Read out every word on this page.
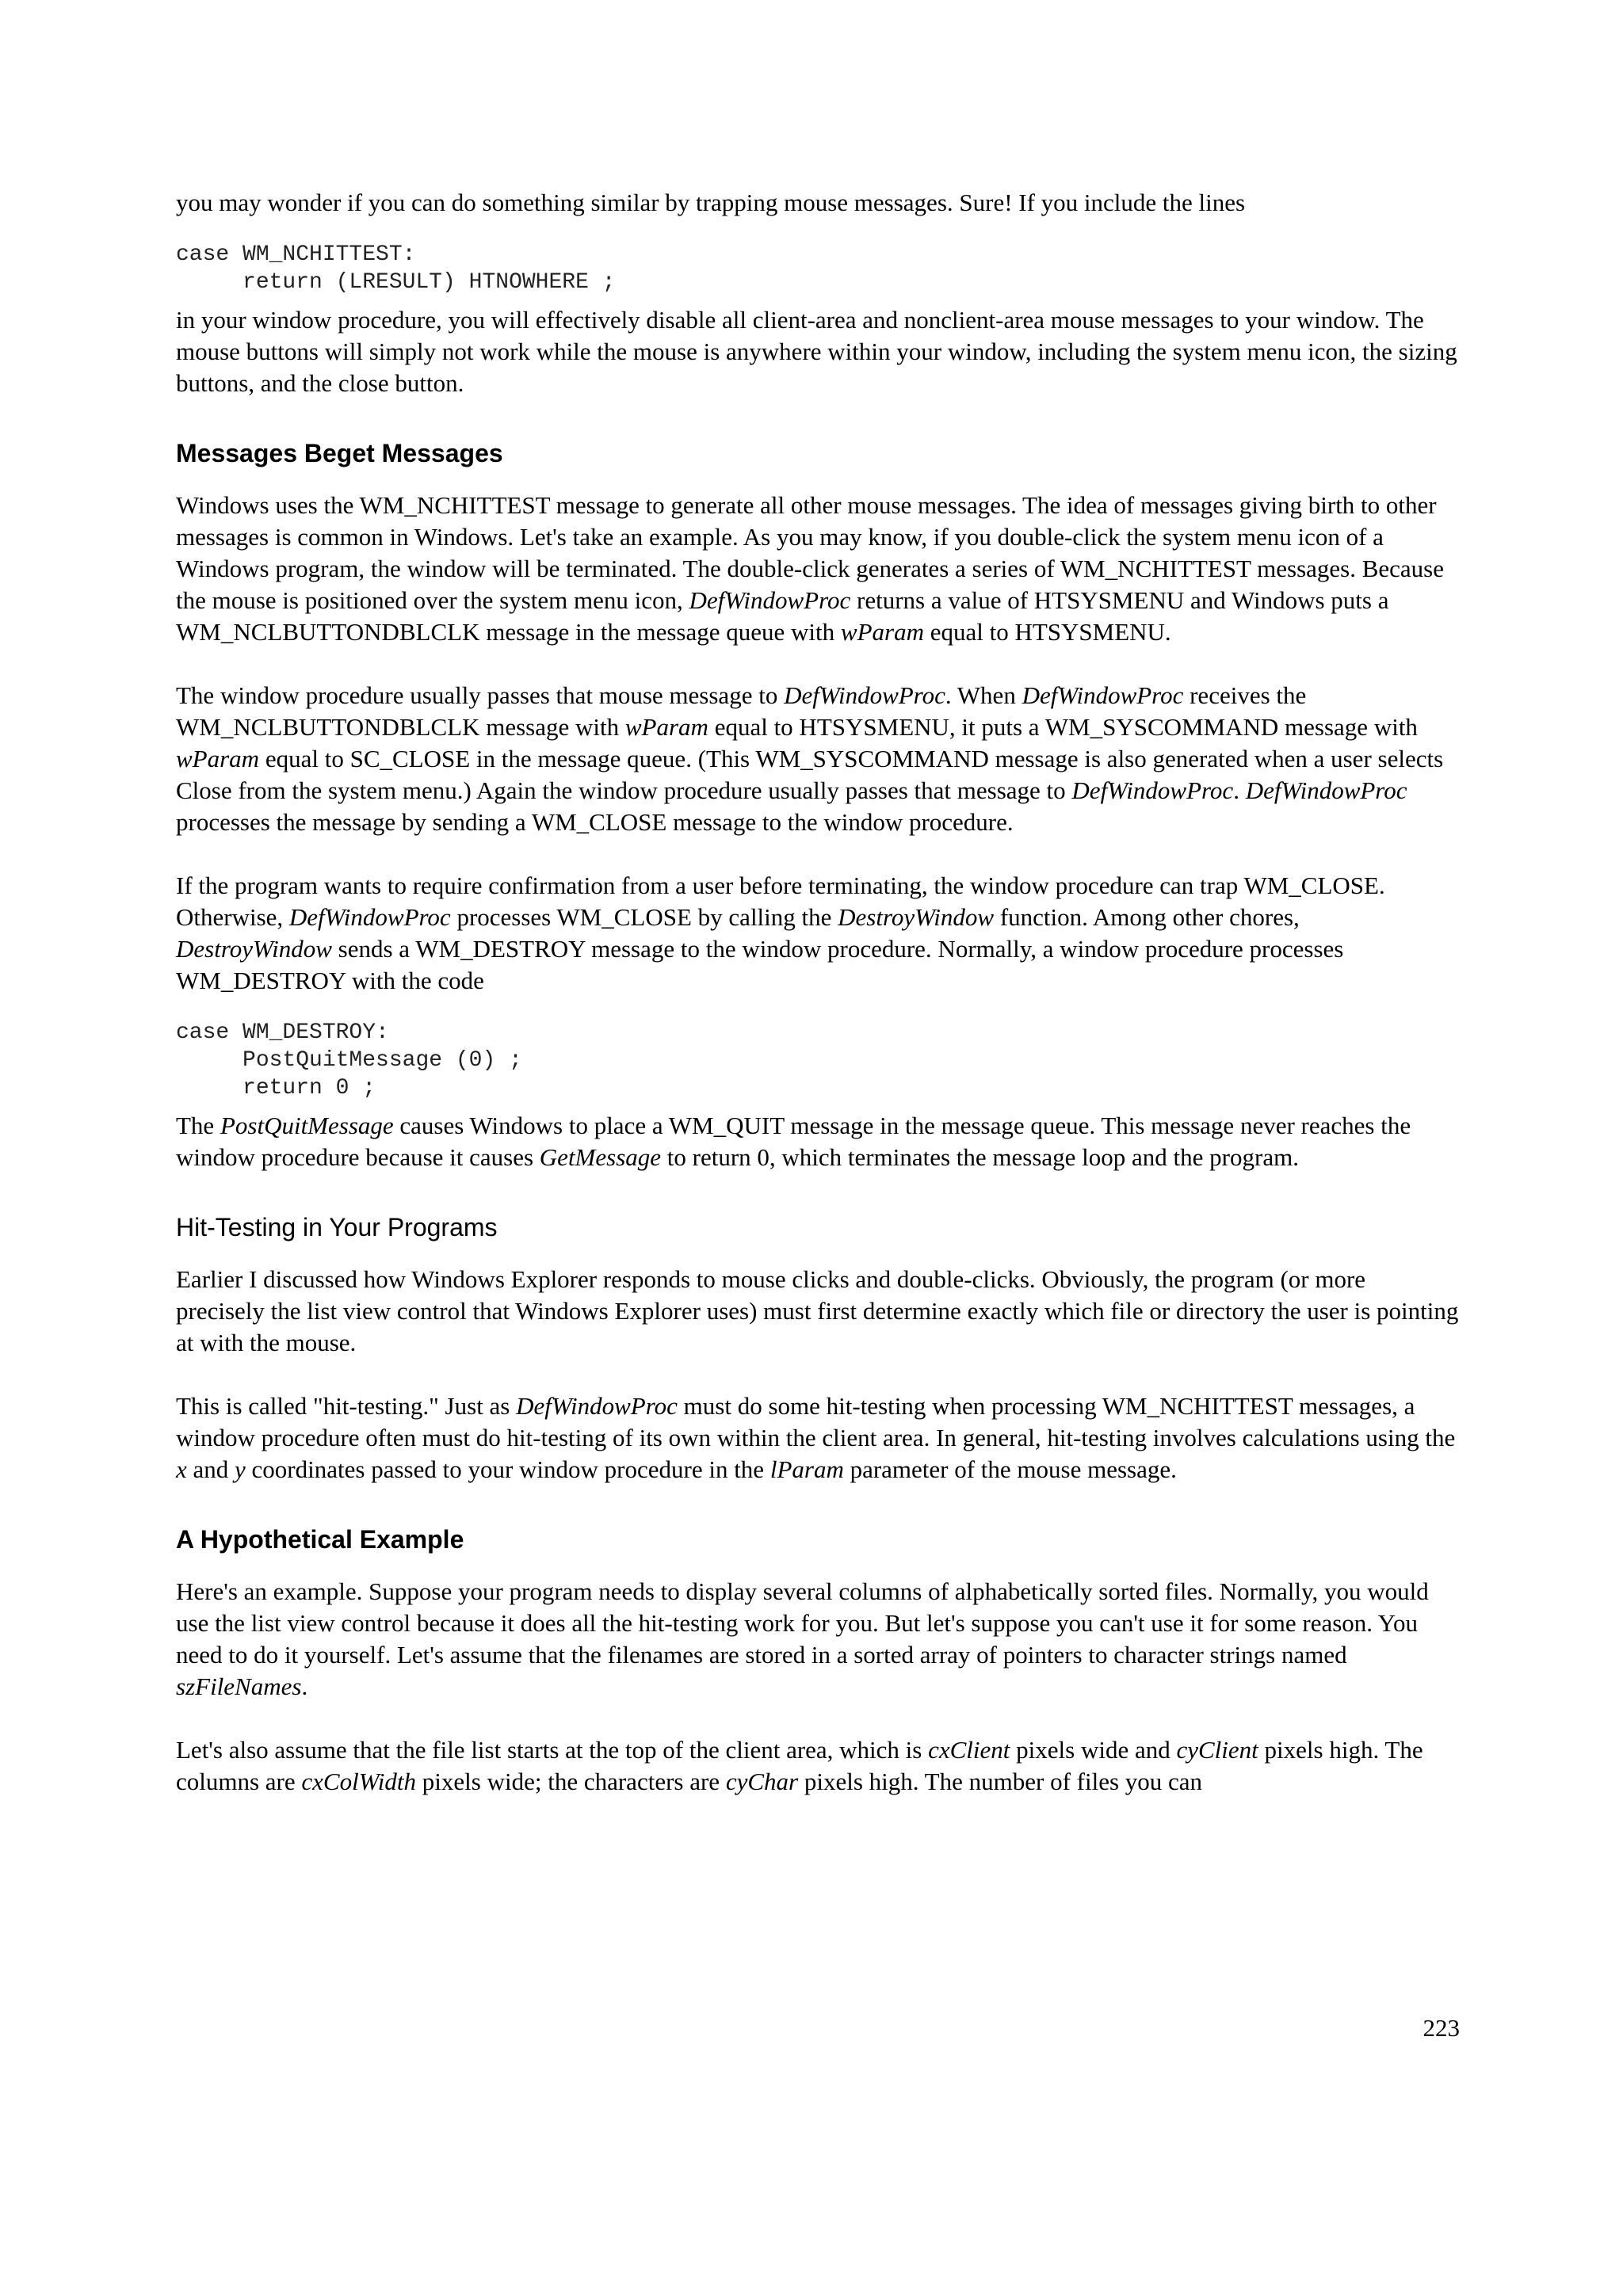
you may wonder if you can do something similar by trapping mouse messages. Sure! If you include the lines

case WM_NCHITTEST:
return (LRESULT) HTNOWHERE ;

in your window procedure, you will effectively disable all client-area and nonclient-area mouse messages to your window. The mouse buttons will simply not work while the mouse is anywhere within your window, including the system menu icon, the sizing buttons, and the close button.

Messages Beget Messages

Windows uses the WM_NCHITTEST message to generate all other mouse messages. The idea of messages giving birth to other messages is common in Windows. Let's take an example. As you may know, if you double-click the system menu icon of a Windows program, the window will be terminated. The double-click generates a series of WM_NCHITTEST messages. Because the mouse is positioned over the system menu icon, DefWindowProc returns a value of HTSYSMENU and Windows puts a WM_NCLBUTTONDBLCLK message in the message queue with wParam equal to HTSYSMENU.

The window procedure usually passes that mouse message to DefWindowProc. When DefWindowProc receives the WM_NCLBUTTONDBLCLK message with wParam equal to HTSYSMENU, it puts a WM_SYSCOMMAND message with wParam equal to SC_CLOSE in the message queue. (This WM_SYSCOMMAND message is also generated when a user selects Close from the system menu.) Again the window procedure usually passes that message to DefWindowProc. DefWindowProc processes the message by sending a WM_CLOSE message to the window procedure.

If the program wants to require confirmation from a user before terminating, the window procedure can trap WM_CLOSE. Otherwise, DefWindowProc processes WM_CLOSE by calling the DestroyWindow function. Among other chores, DestroyWindow sends a WM_DESTROY message to the window procedure. Normally, a window procedure processes WM_DESTROY with the code

case WM_DESTROY:
PostQuitMessage (0) ;
return 0 ;

The PostQuitMessage causes Windows to place a WM_QUIT message in the message queue. This message never reaches the window procedure because it causes GetMessage to return 0, which terminates the message loop and the program.

Hit-Testing in Your Programs

Earlier I discussed how Windows Explorer responds to mouse clicks and double-clicks. Obviously, the program (or more precisely the list view control that Windows Explorer uses) must first determine exactly which file or directory the user is pointing at with the mouse.

This is called "hit-testing." Just as DefWindowProc must do some hit-testing when processing WM_NCHITTEST messages, a window procedure often must do hit-testing of its own within the client area. In general, hit-testing involves calculations using the x and y coordinates passed to your window procedure in the lParam parameter of the mouse message.

A Hypothetical Example

Here's an example. Suppose your program needs to display several columns of alphabetically sorted files. Normally, you would use the list view control because it does all the hit-testing work for you. But let's suppose you can't use it for some reason. You need to do it yourself. Let's assume that the filenames are stored in a sorted array of pointers to character strings named szFileNames.

Let's also assume that the file list starts at the top of the client area, which is cxClient pixels wide and cyClient pixels high. The columns are cxColWidth pixels wide; the characters are cyChar pixels high. The number of files you can

223
